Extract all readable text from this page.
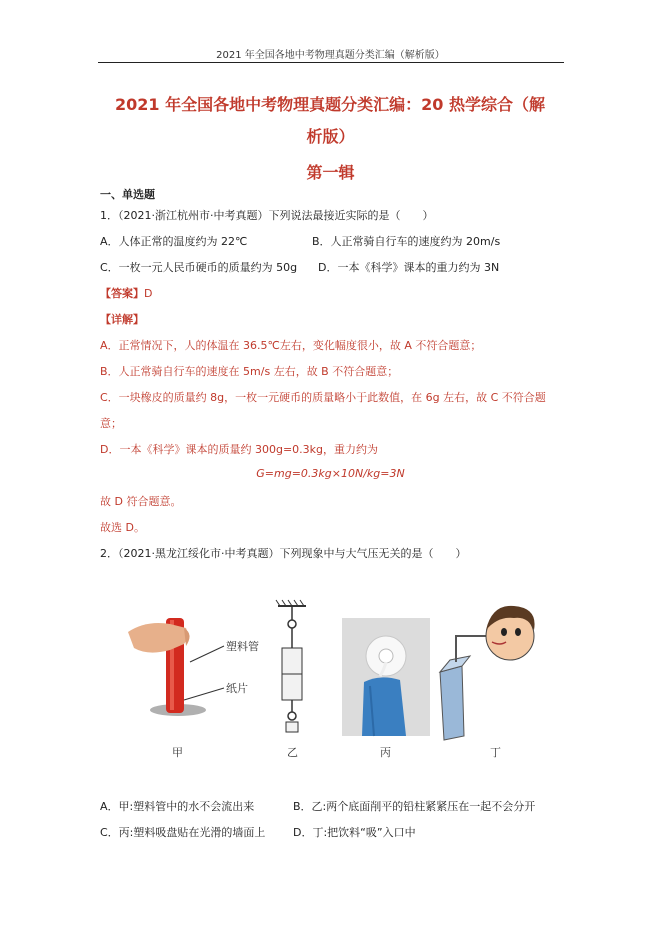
2021 年全国各地中考物理真题分类汇编（解析版）
2021 年全国各地中考物理真题分类汇编：20 热学综合（解
析版）
第一辑
一、单选题
1．（2021·浙江杭州市·中考真题）下列说法最接近实际的是（　　）
A．人体正常的温度约为 22℃	B．人正常骑自行车的速度约为 20m/s
C．一枚一元人民币硬币的质量约为 50g D．一本《科学》课本的重力约为 3N
【答案】D
【详解】
A．正常情况下，人的体温在 36.5℃左右，变化幅度很小，故 A 不符合题意；
B．人正常骑自行车的速度在 5m/s 左右，故 B 不符合题意；
C．一块橡皮的质量约 8g，一枚一元硬币的质量略小于此数值，在 6g 左右，故 C 不符合题
意；
D．一本《科学》课本的质量约 300g=0.3kg，重力约为
G=mg=0.3kg×10N/kg=3N
故 D 符合题意。
故选 D。
2．（2021·黑龙江绥化市·中考真题）下列现象中与大气压无关的是（　　）
塑料管
纸片
甲	乙	丙	丁
A．甲:塑料管中的水不会流出来	B．乙:两个底面削平的铅柱紧紧压在一起不会分开
C．丙:塑料吸盘贴在光滑的墙面上	D．丁:把饮料“吸”入口中
